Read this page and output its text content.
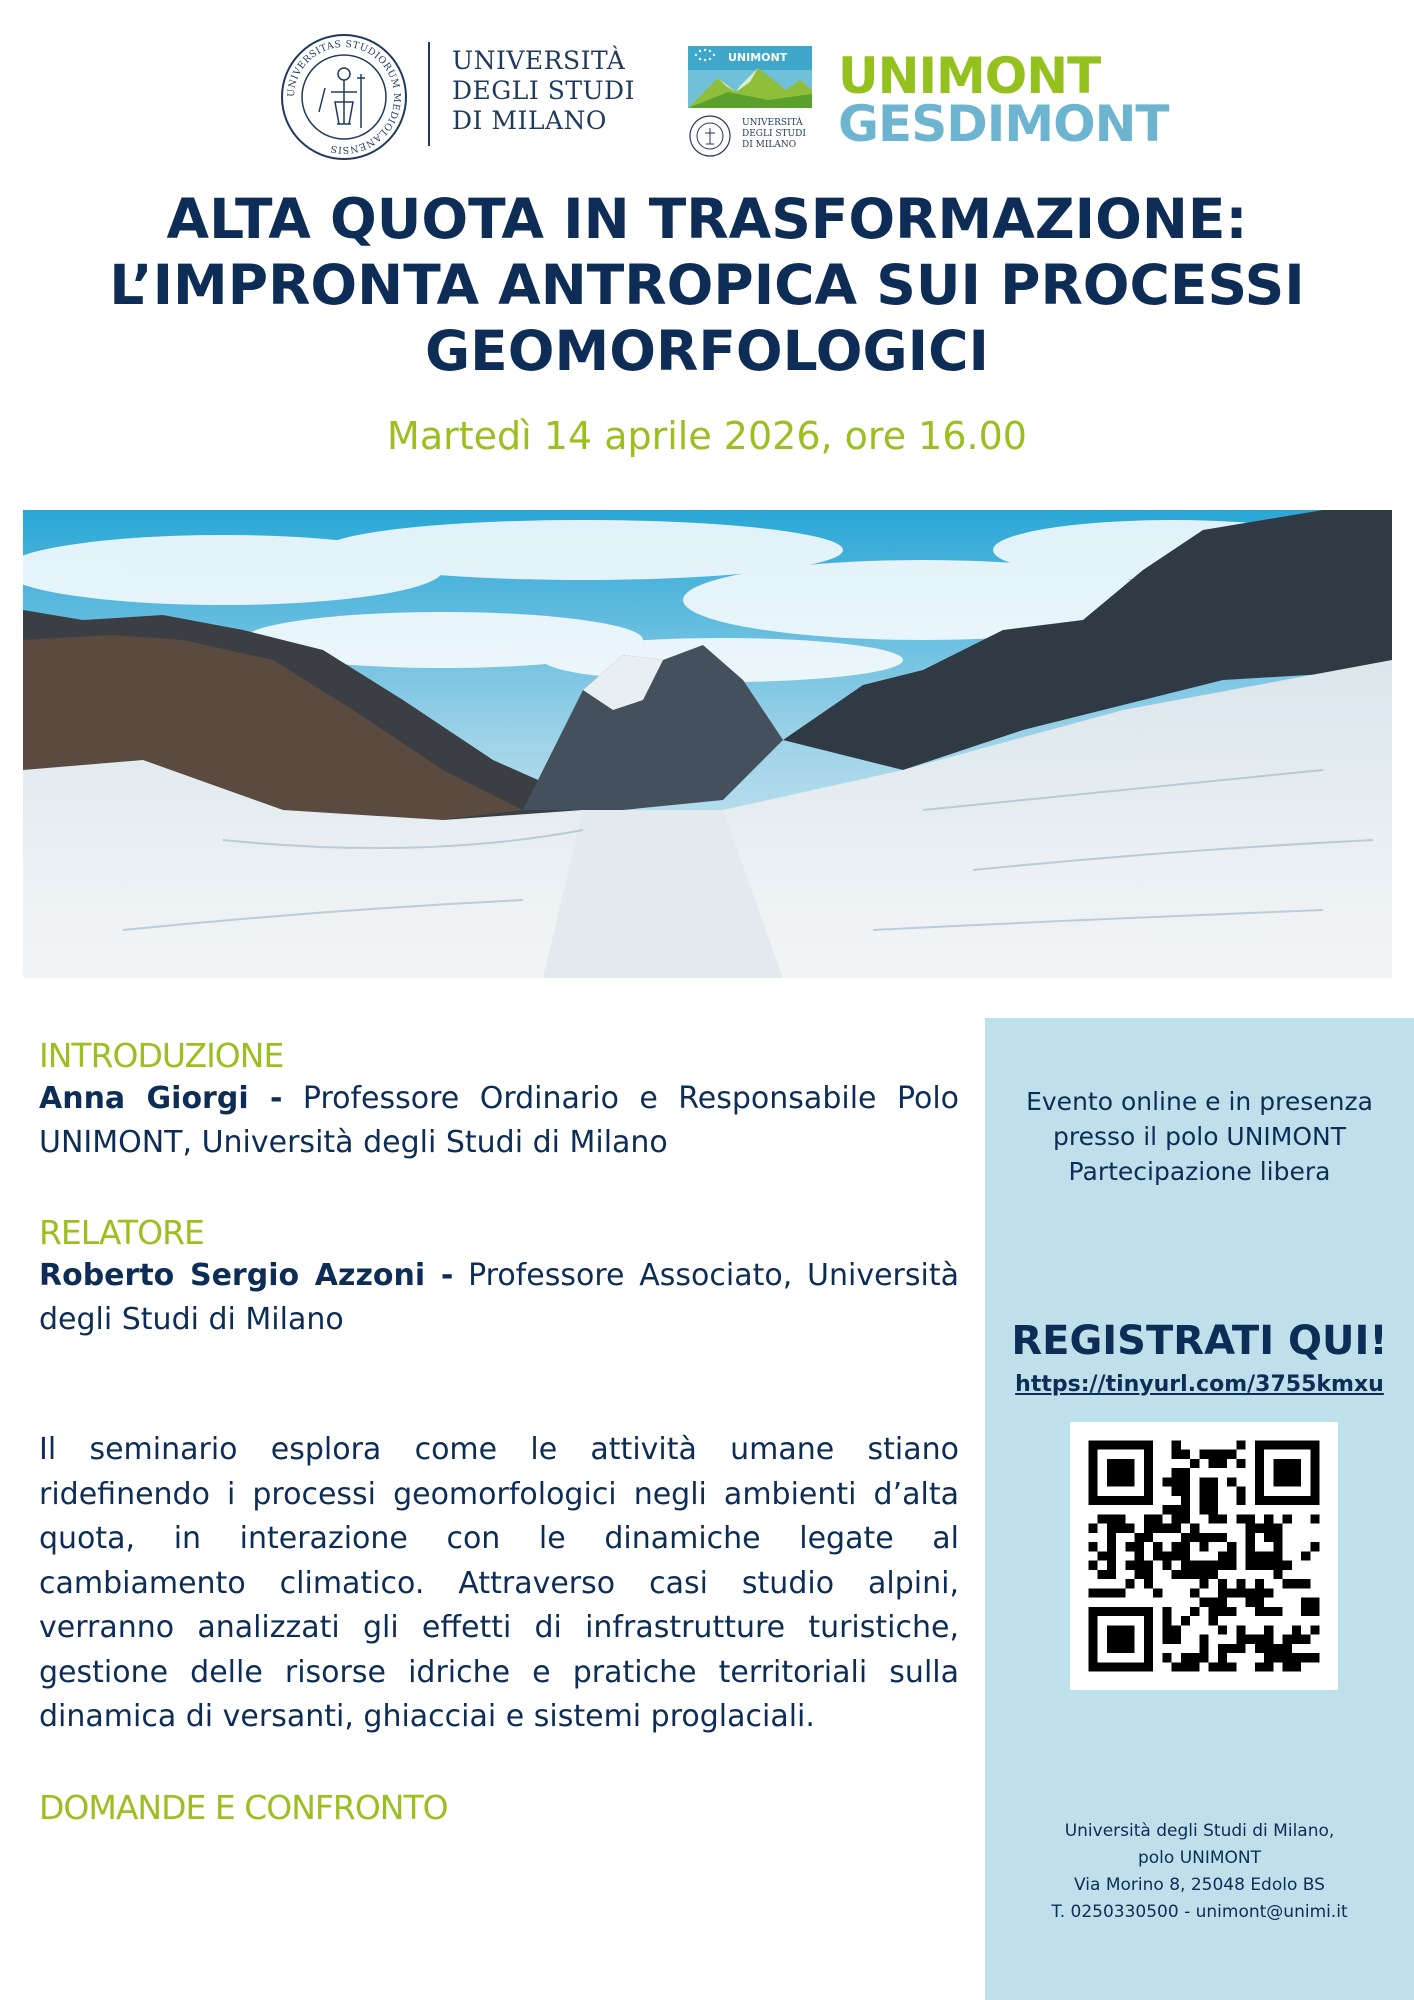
UNIVERSITAS STUDIORUM MEDIOLANENSIS
UNIVERSITÀ
DEGLI STUDI
DI MILANO
UNIMONT
UNIVERSITÀ
DEGLI STUDI
DI MILANO
UNIMONT
GESDIMONT
ALTA QUOTA IN TRASFORMAZIONE:
L’IMPRONTA ANTROPICA SUI PROCESSI
GEOMORFOLOGICI
Martedì 14 aprile 2026, ore 16.00
INTRODUZIONE
Anna Giorgi - Professore Ordinario e Responsabile Polo UNIMONT, Università degli Studi di Milano
RELATORE
Roberto Sergio Azzoni - Professore Associato, Università degli Studi di Milano
Il seminario esplora come le attività umane stiano ridefinendo i processi geomorfologici negli ambienti d’alta quota, in interazione con le dinamiche legate al cambiamento climatico. Attraverso casi studio alpini, verranno analizzati gli effetti di infrastrutture turistiche, gestione delle risorse idriche e pratiche territoriali sulla dinamica di versanti, ghiacciai e sistemi proglaciali.
DOMANDE E CONFRONTO
Evento online e in presenza
presso il polo UNIMONT
Partecipazione libera
REGISTRATI QUI!
https://tinyurl.com/3755kmxu
Università degli Studi di Milano,
polo UNIMONT
Via Morino 8, 25048 Edolo BS
T. 0250330500 - unimont@unimi.it
